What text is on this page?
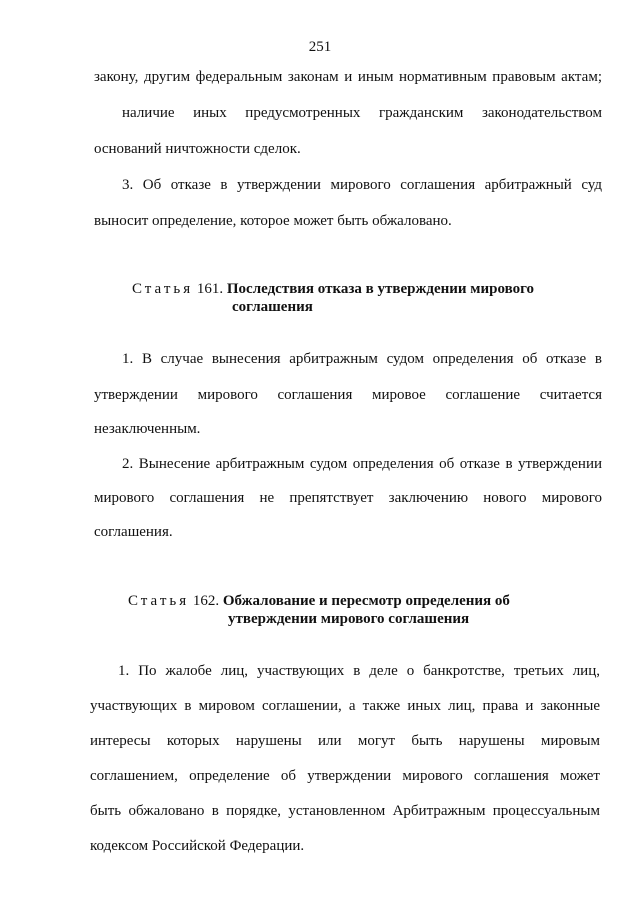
251
закону, другим федеральным законам и иным нормативным правовым актам;
наличие иных предусмотренных гражданским законодательством
оснований ничтожности сделок.
3. Об отказе в утверждении мирового соглашения арбитражный суд
выносит определение, которое может быть обжаловано.
Статья 161. Последствия отказа в утверждении мирового
соглашения
1. В случае вынесения арбитражным судом определения об отказе в
утверждении мирового соглашения мировое соглашение считается
незаключенным.
2. Вынесение арбитражным судом определения об отказе в утверждении
мирового соглашения не препятствует заключению нового мирового
соглашения.
Статья 162. Обжалование и пересмотр определения об
утверждении мирового соглашения
1. По жалобе лиц, участвующих в деле о банкротстве, третьих лиц,
участвующих в мировом соглашении, а также иных лиц, права и законные
интересы которых нарушены или могут быть нарушены мировым
соглашением, определение об утверждении мирового соглашения может
быть обжаловано в порядке, установленном Арбитражным процессуальным
кодексом Российской Федерации.
